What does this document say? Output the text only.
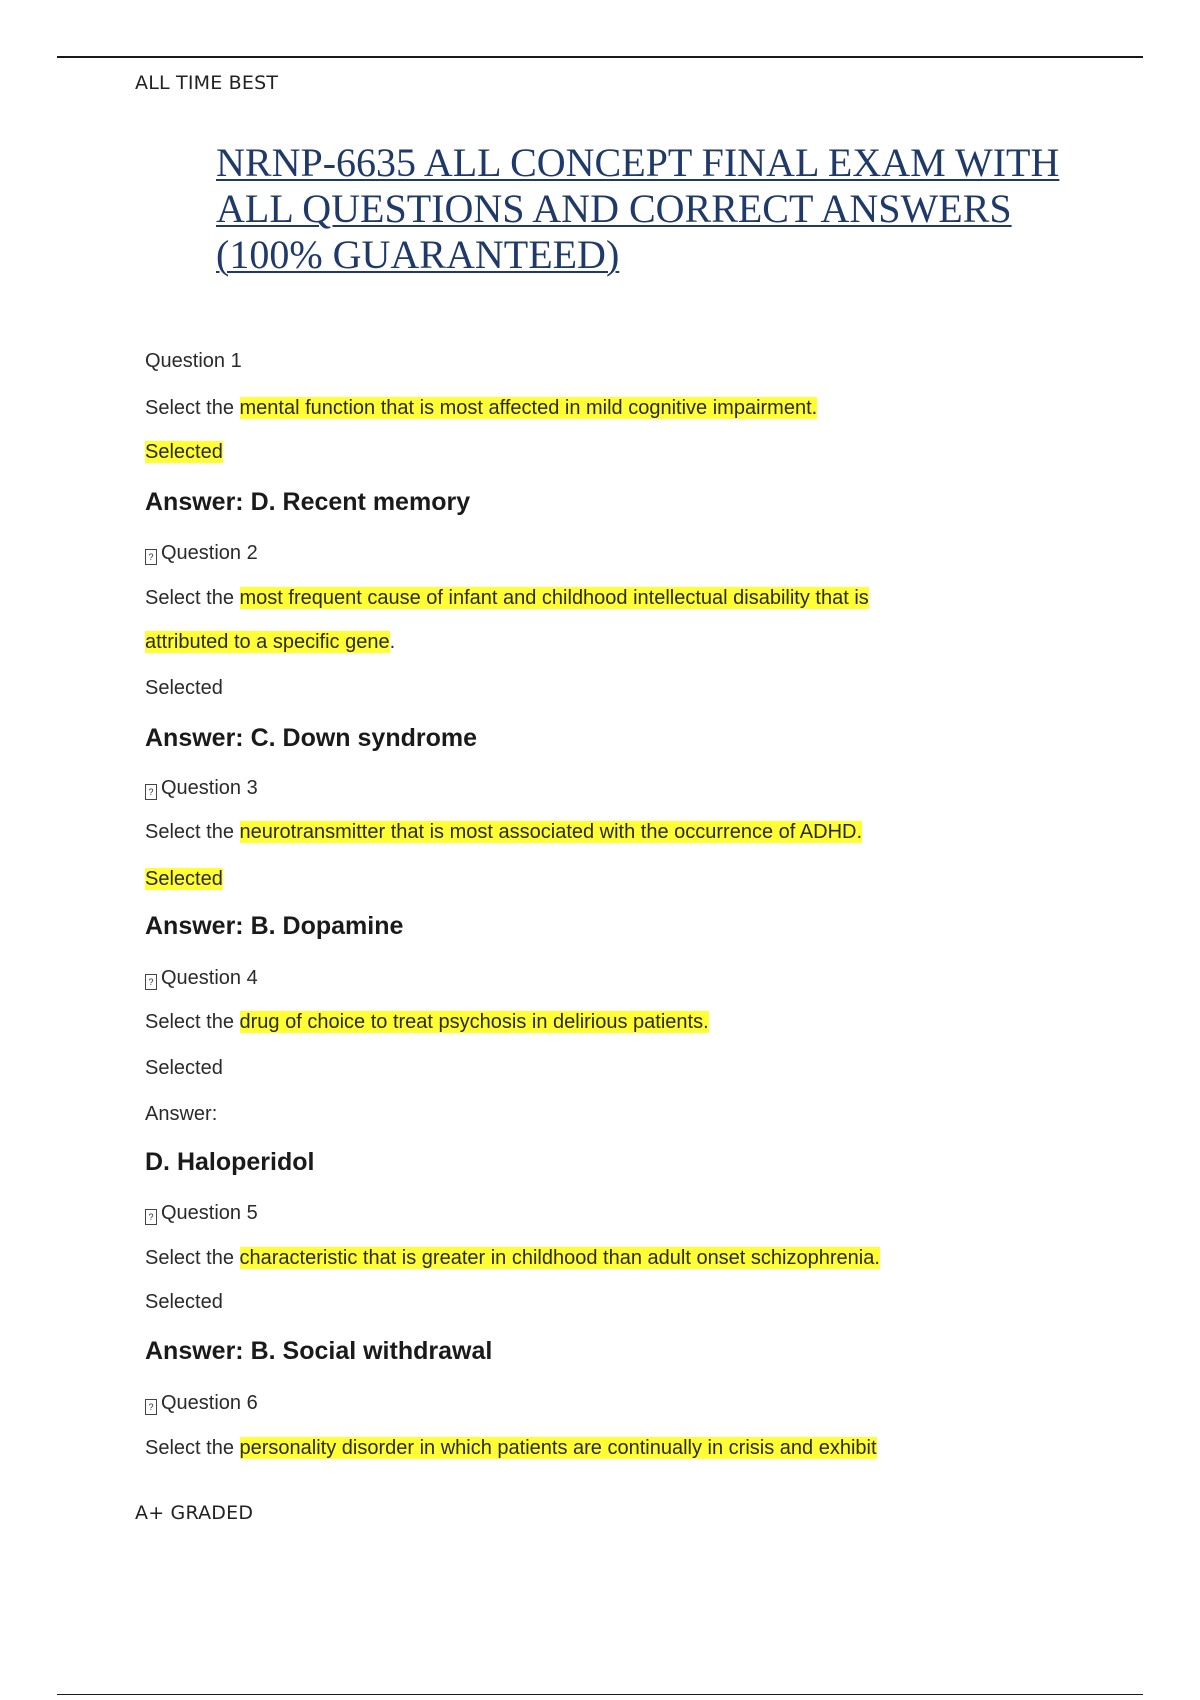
ALL TIME BEST
NRNP-6635 ALL CONCEPT FINAL EXAM WITH ALL QUESTIONS AND CORRECT ANSWERS (100% GUARANTEED)
Question 1
Select the mental function that is most affected in mild cognitive impairment.
Selected
Answer: D. Recent memory
? Question 2
Select the most frequent cause of infant and childhood intellectual disability that is
attributed to a specific gene.
Selected
Answer: C. Down syndrome
? Question 3
Select the neurotransmitter that is most associated with the occurrence of ADHD.
Selected
Answer: B. Dopamine
? Question 4
Select the drug of choice to treat psychosis in delirious patients.
Selected
Answer:
D. Haloperidol
? Question 5
Select the characteristic that is greater in childhood than adult onset schizophrenia.
Selected
Answer: B. Social withdrawal
? Question 6
Select the personality disorder in which patients are continually in crisis and exhibit
A+ GRADED
